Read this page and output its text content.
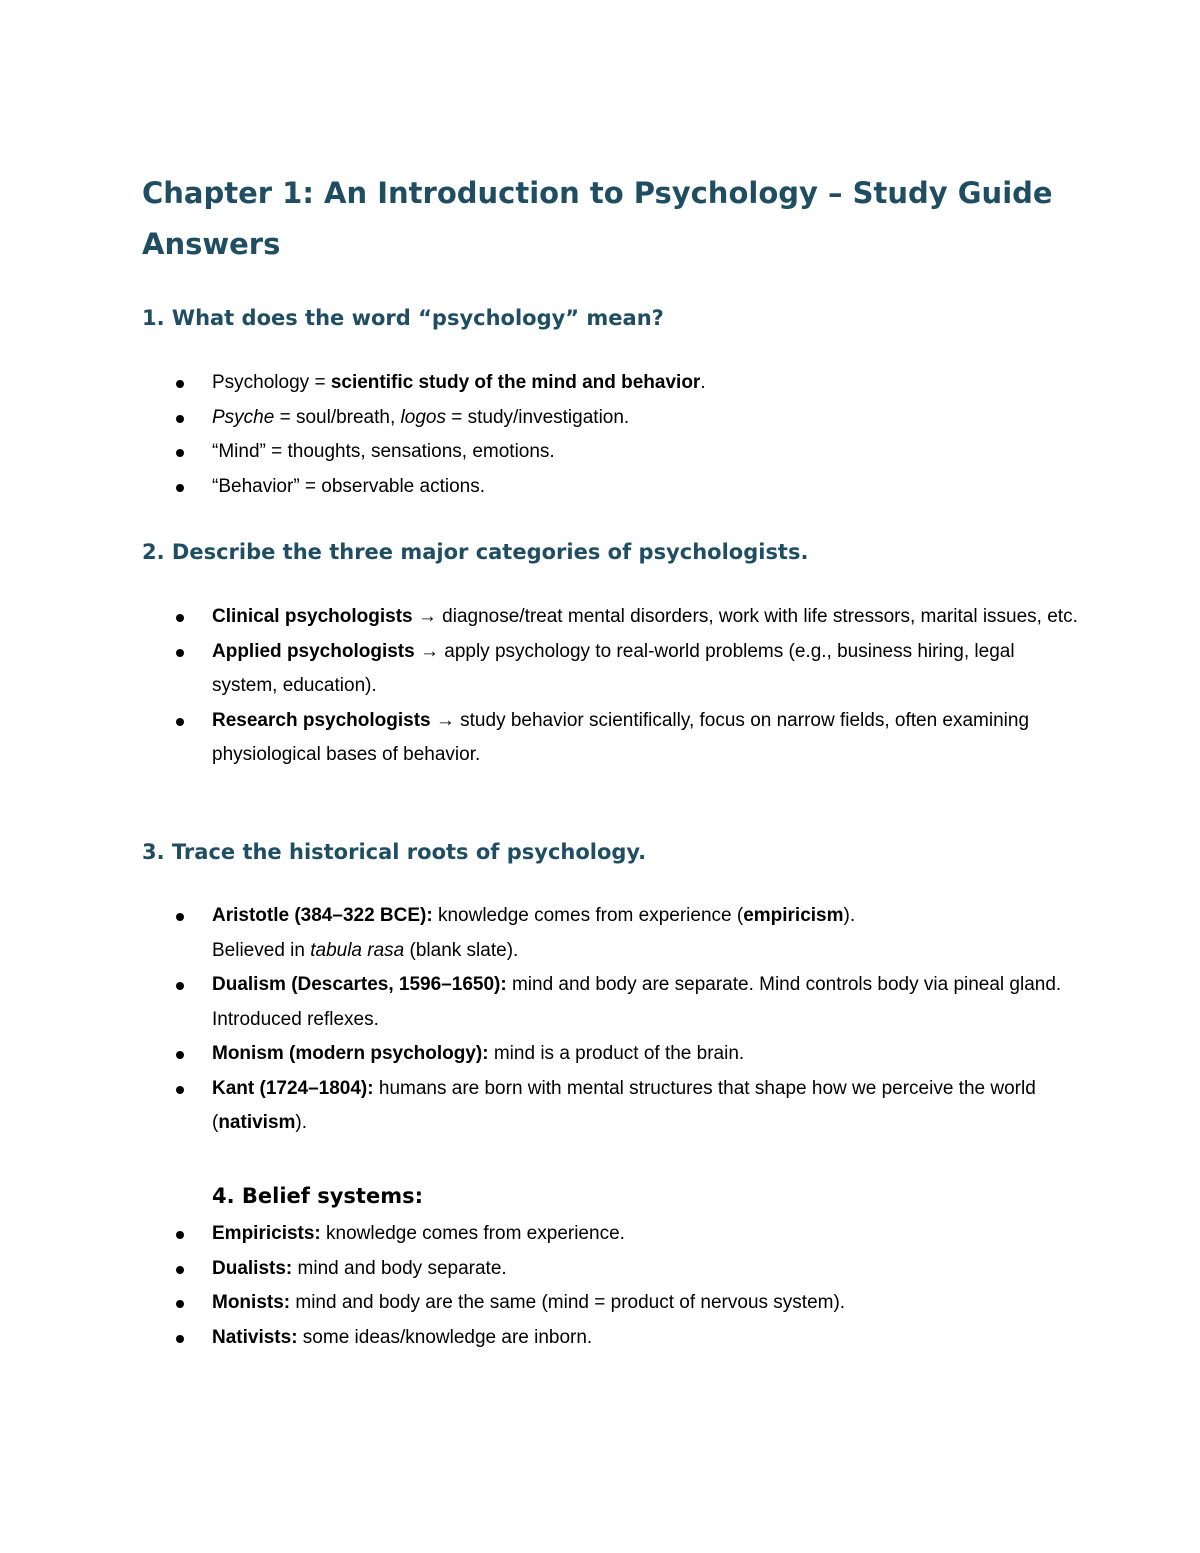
Chapter 1: An Introduction to Psychology – Study Guide Answers
1. What does the word “psychology” mean?
Psychology = scientific study of the mind and behavior.
Psyche = soul/breath, logos = study/investigation.
“Mind” = thoughts, sensations, emotions.
“Behavior” = observable actions.
2. Describe the three major categories of psychologists.
Clinical psychologists → diagnose/treat mental disorders, work with life stressors, marital issues, etc.
Applied psychologists → apply psychology to real-world problems (e.g., business hiring, legal system, education).
Research psychologists → study behavior scientifically, focus on narrow fields, often examining physiological bases of behavior.
3. Trace the historical roots of psychology.
Aristotle (384–322 BCE): knowledge comes from experience (empiricism).
Believed in tabula rasa (blank slate).
Dualism (Descartes, 1596–1650): mind and body are separate. Mind controls body via pineal gland. Introduced reflexes.
Monism (modern psychology): mind is a product of the brain.
Kant (1724–1804): humans are born with mental structures that shape how we perceive the world (nativism).
4. Belief systems:
Empiricists: knowledge comes from experience.
Dualists: mind and body separate.
Monists: mind and body are the same (mind = product of nervous system).
Nativists: some ideas/knowledge are inborn.
